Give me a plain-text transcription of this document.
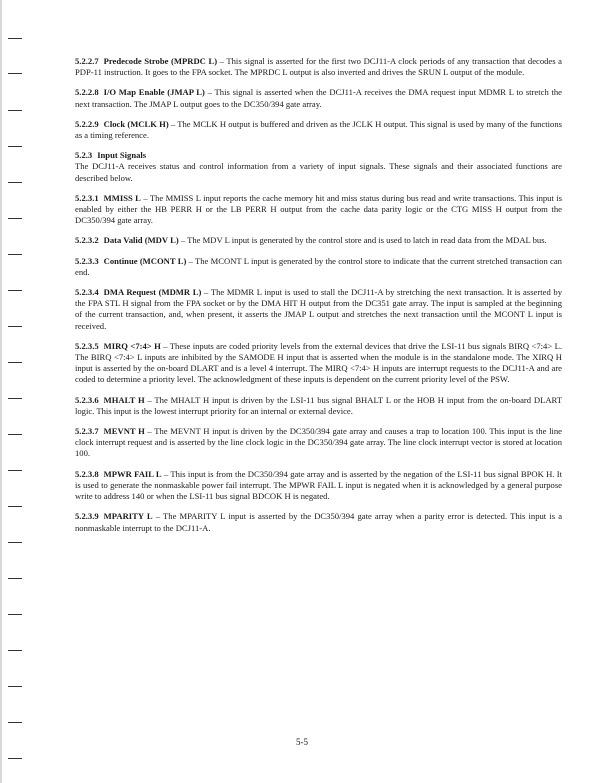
5.2.2.7 Predecode Strobe (MPRDC L) – This signal is asserted for the first two DCJ11-A clock periods of any transaction that decodes a PDP-11 instruction. It goes to the FPA socket. The MPRDC L output is also inverted and drives the SRUN L output of the module.

5.2.2.8 I/O Map Enable (JMAP L) – This signal is asserted when the DCJ11-A receives the DMA request input MDMR L to stretch the next transaction. The JMAP L output goes to the DC350/394 gate array.

5.2.2.9 Clock (MCLK H) – The MCLK H output is buffered and driven as the JCLK H output. This signal is used by many of the functions as a timing reference.

5.2.3 Input Signals

The DCJ11-A receives status and control information from a variety of input signals. These signals and their associated functions are described below.

5.2.3.1 MMISS L – The MMISS L input reports the cache memory hit and miss status during bus read and write transactions. This input is enabled by either the HB PERR H or the LB PERR H output from the cache data parity logic or the CTG MISS H output from the DC350/394 gate array.

5.2.3.2 Data Valid (MDV L) – The MDV L input is generated by the control store and is used to latch in read data from the MDAL bus.

5.2.3.3 Continue (MCONT L) – The MCONT L input is generated by the control store to indicate that the current stretched transaction can end.

5.2.3.4 DMA Request (MDMR L) – The MDMR L input is used to stall the DCJ11-A by stretching the next transaction. It is asserted by the FPA STL H signal from the FPA socket or by the DMA HIT H output from the DC351 gate array. The input is sampled at the beginning of the current transaction, and, when present, it asserts the JMAP L output and stretches the next transaction until the MCONT L input is received.

5.2.3.5 MIRQ <7:4> H – These inputs are coded priority levels from the external devices that drive the LSI-11 bus signals BIRQ <7:4> L. The BIRQ <7:4> L inputs are inhibited by the SAMODE H input that is asserted when the module is in the standalone mode. The XIRQ H input is asserted by the on-board DLART and is a level 4 interrupt. The MIRQ <7:4> H inputs are interrupt requests to the DCJ11-A and are coded to determine a priority level. The acknowledgment of these inputs is dependent on the current priority level of the PSW.

5.2.3.6 MHALT H – The MHALT H input is driven by the LSI-11 bus signal BHALT L or the HOB H input from the on-board DLART logic. This input is the lowest interrupt priority for an internal or external device.

5.2.3.7 MEVNT H – The MEVNT H input is driven by the DC350/394 gate array and causes a trap to location 100. This input is the line clock interrupt request and is asserted by the line clock logic in the DC350/394 gate array. The line clock interrupt vector is stored at location 100.

5.2.3.8 MPWR FAIL L – This input is from the DC350/394 gate array and is asserted by the negation of the LSI-11 bus signal BPOK H. It is used to generate the nonmaskable power fail interrupt. The MPWR FAIL L input is negated when it is acknowledged by a general purpose write to address 140 or when the LSI-11 bus signal BDCOK H is negated.

5.2.3.9 MPARITY L – The MPARITY L input is asserted by the DC350/394 gate array when a parity error is detected. This input is a nonmaskable interrupt to the DCJ11-A.

5-5
